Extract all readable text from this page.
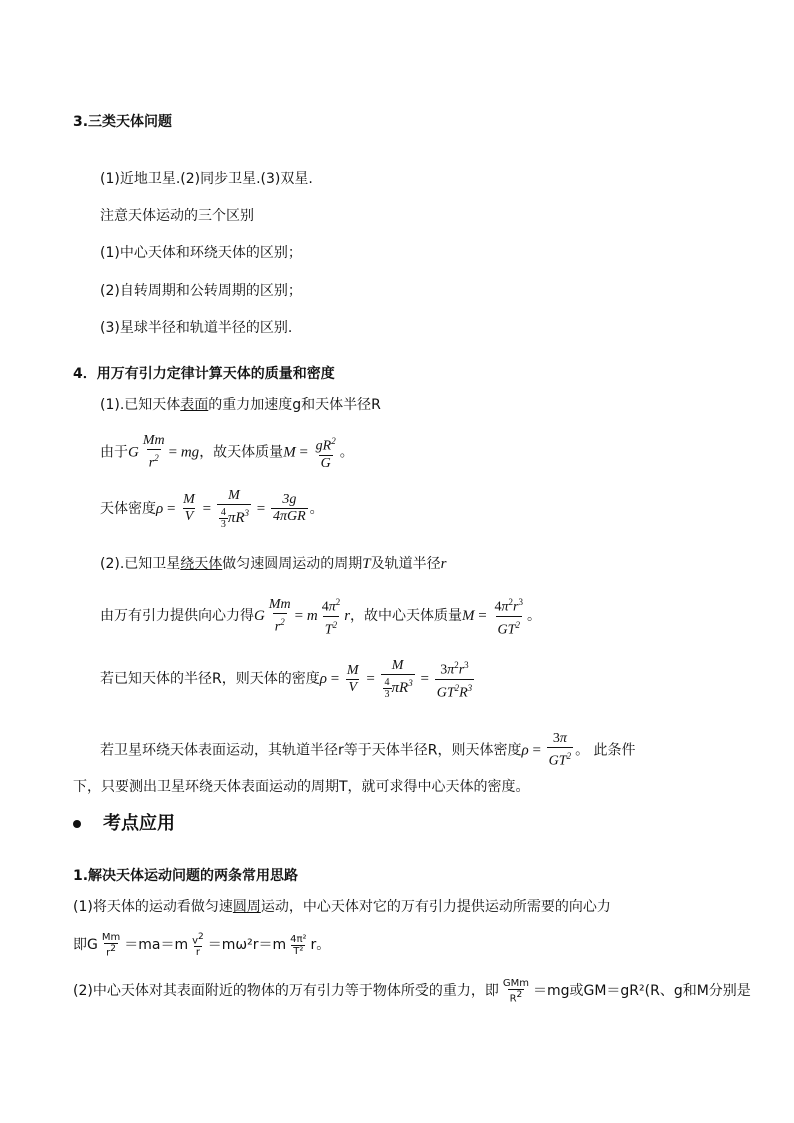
3.三类天体问题
(1)近地卫星.(2)同步卫星.(3)双星.
注意天体运动的三个区别
(1)中心天体和环绕天体的区别；
(2)自转周期和公转周期的区别；
(3)星球半径和轨道半径的区别.
4．用万有引力定律计算天体的质量和密度
(1).已知天体表面的重力加速度g和天体半径R
由于G $\frac{Mm}{r^2}$ = mg，故天体质量$M = \frac{gR^2}{G}$ 。
天体密度$\rho = \frac{M}{V} = \frac{M}{\frac{4}{3} \pi R^3} = \frac{3g}{\text{4πGR}}$ 。
(2).已知卫星绕天体做匀速圆周运动的周期T及轨道半径r
由万有引力提供向心力得G $\frac{Mm}{r^2} = m \frac{4\pi^2}{T^2}$ r，故中心天体质量$M = \frac{4\pi^2r^3}{GT^2}$ 。
若已知天体的半径R，则天体的密度$\rho = \frac{M}{V} = \frac{M}{\frac{4}{3} \pi R^3} = \frac{3\pi^2r^3}{GT^2R^3}$
若卫星环绕天体表面运动，其轨道半径r等于天体半径R，则天体密度$\rho = \frac{3\pi}{GT^2}$ 。 此条件
下，只要测出卫星环绕天体表面运动的周期T，就可求得中心天体的密度。
考点应用
1.解决天体运动问题的两条常用思路
(1)将天体的运动看做匀速圆周运动，中心天体对它的万有引力提供运动所需要的向心力
即G $\frac{Mm}{r^2} =ma=m \frac{v^2}{r} =m\omega^2r=m \frac{\text{4π²}}{\text{T²}}$ r。
(2)中心天体对其表面附近的物体的万有引力等于物体所受的重力，即 $\frac{\text{GMm}}{R^2} =mg$或GM＝gR²(R、g和M分别是
